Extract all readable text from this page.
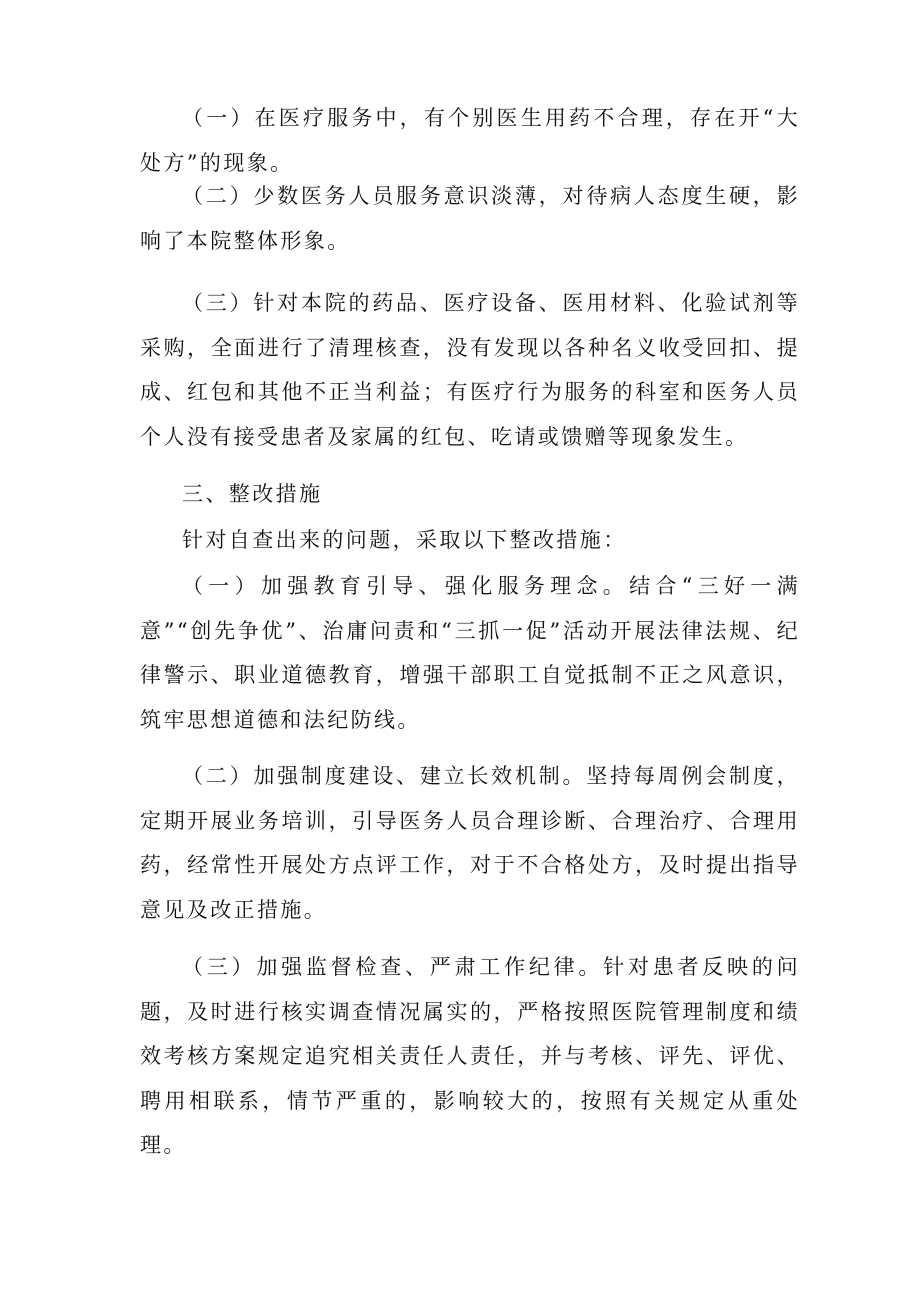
（一）在医疗服务中，有个别医生用药不合理，存在开“大处方”的现象。

（二）少数医务人员服务意识淡薄，对待病人态度生硬，影响了本院整体形象。

（三）针对本院的药品、医疗设备、医用材料、化验试剂等采购，全面进行了清理核查，没有发现以各种名义收受回扣、提成、红包和其他不正当利益；有医疗行为服务的科室和医务人员个人没有接受患者及家属的红包、吃请或馈赠等现象发生。

三、整改措施

针对自查出来的问题，采取以下整改措施：

（一）加强教育引导、强化服务理念。结合“三好一满意”“创先争优”、治庸问责和“三抓一促”活动开展法律法规、纪律警示、职业道德教育，增强干部职工自觉抵制不正之风意识，筑牢思想道德和法纪防线。

（二）加强制度建设、建立长效机制。坚持每周例会制度，定期开展业务培训，引导医务人员合理诊断、合理治疗、合理用药，经常性开展处方点评工作，对于不合格处方，及时提出指导意见及改正措施。

（三）加强监督检查、严肃工作纪律。针对患者反映的问题，及时进行核实调查情况属实的，严格按照医院管理制度和绩效考核方案规定追究相关责任人责任，并与考核、评先、评优、聘用相联系，情节严重的，影响较大的，按照有关规定从重处理。
